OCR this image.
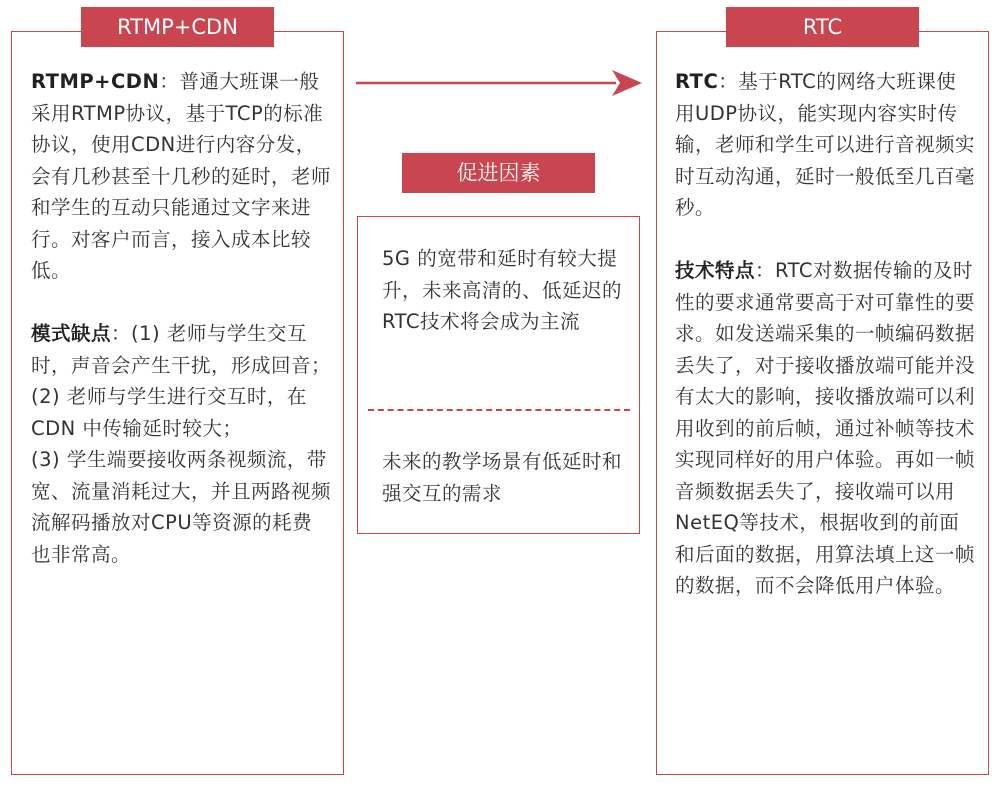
RTMP+CDN

RTMP+CDN：普通大班课一般采用RTMP协议，基于TCP的标准协议，使用CDN进行内容分发，会有几秒甚至十几秒的延时，老师和学生的互动只能通过文字来进行。对客户而言，接入成本比较低。

模式缺点：(1) 老师与学生交互时，声音会产生干扰，形成回音；

(2) 老师与学生进行交互时，在 CDN 中传输延时较大；

(3) 学生端要接收两条视频流，带宽、流量消耗过大，并且两路视频流解码播放对CPU等资源的耗费也非常高。

促进因素
5G 的宽带和延时有较大提升，未来高清的、低延迟的RTC技术将会成为主流
未来的教学场景有低延时和强交互的需求
RTC

RTC：基于RTC的网络大班课使用UDP协议，能实现内容实时传输，老师和学生可以进行音视频实时互动沟通，延时一般低至几百毫秒。

技术特点：RTC对数据传输的及时性的要求通常要高于对可靠性的要求。如发送端采集的一帧编码数据丢失了，对于接收播放端可能并没有太大的影响，接收播放端可以利用收到的前后帧，通过补帧等技术实现同样好的用户体验。再如一帧音频数据丢失了，接收端可以用NetEQ等技术，根据收到的前面和后面的数据，用算法填上这一帧的数据，而不会降低用户体验。
